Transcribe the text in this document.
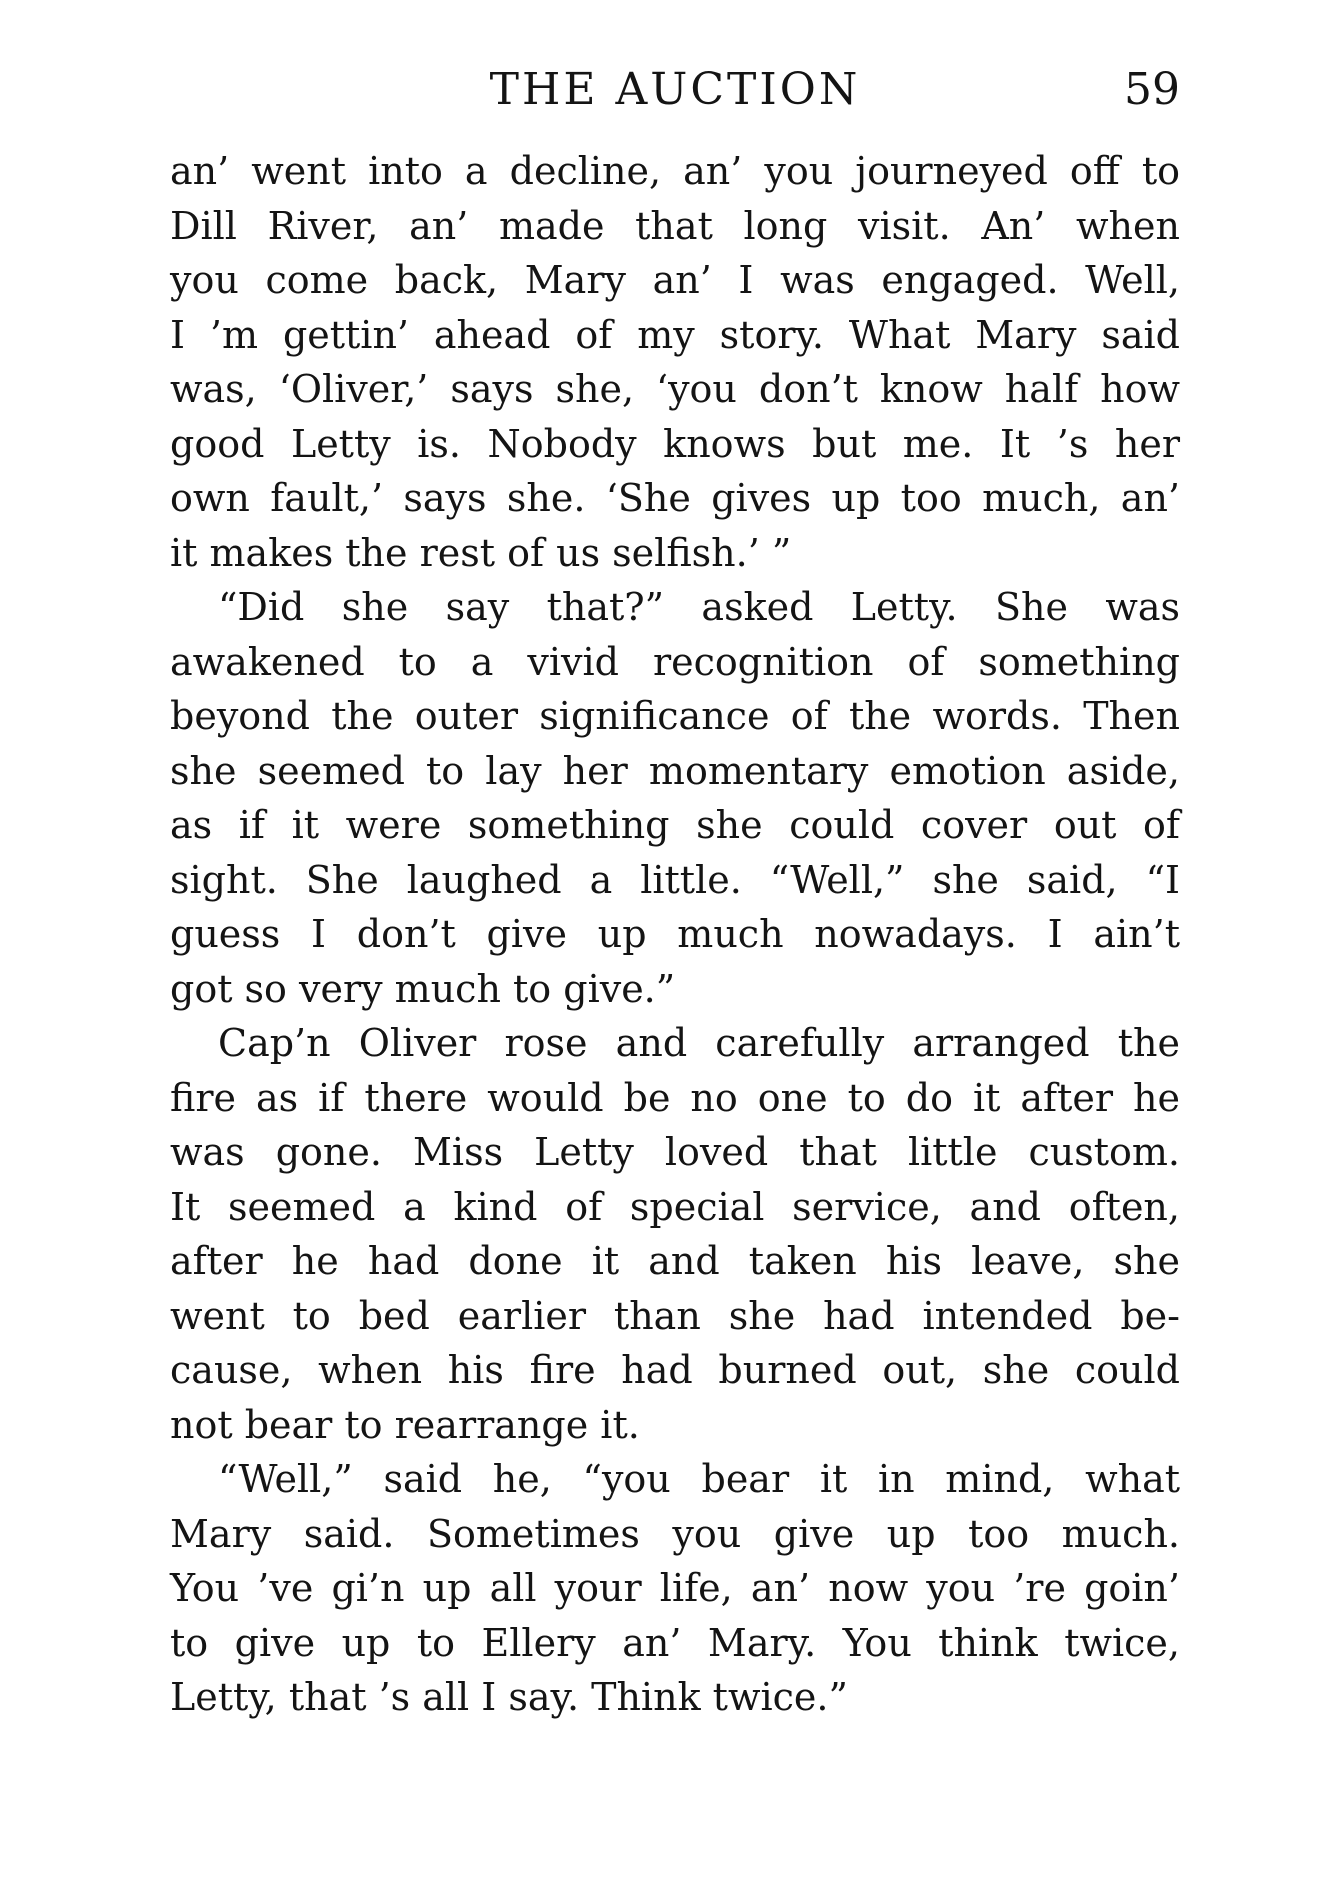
THE AUCTION	59
an’ went into a decline, an’ you journeyed off to
Dill River, an’ made that long visit. An’ when
you come back, Mary an’ I was engaged. Well,
I ’m gettin’ ahead of my story. What Mary said
was, ‘Oliver,’ says she, ‘you don’t know half how
good Letty is. Nobody knows but me. It ’s her
own fault,’ says she. ‘She gives up too much, an’
it makes the rest of us selfish.’ ”
“Did she say that?” asked Letty. She was
awakened to a vivid recognition of something
beyond the outer significance of the words. Then
she seemed to lay her momentary emotion aside,
as if it were something she could cover out of
sight. She laughed a little. “Well,” she said, “I
guess I don’t give up much nowadays. I ain’t
got so very much to give.”
Cap’n Oliver rose and carefully arranged the
fire as if there would be no one to do it after he
was gone. Miss Letty loved that little custom.
It seemed a kind of special service, and often,
after he had done it and taken his leave, she
went to bed earlier than she had intended be-
cause, when his fire had burned out, she could
not bear to rearrange it.
“Well,” said he, “you bear it in mind, what
Mary said. Sometimes you give up too much.
You ’ve gi’n up all your life, an’ now you ’re goin’
to give up to Ellery an’ Mary. You think twice,
Letty, that ’s all I say. Think twice.”
